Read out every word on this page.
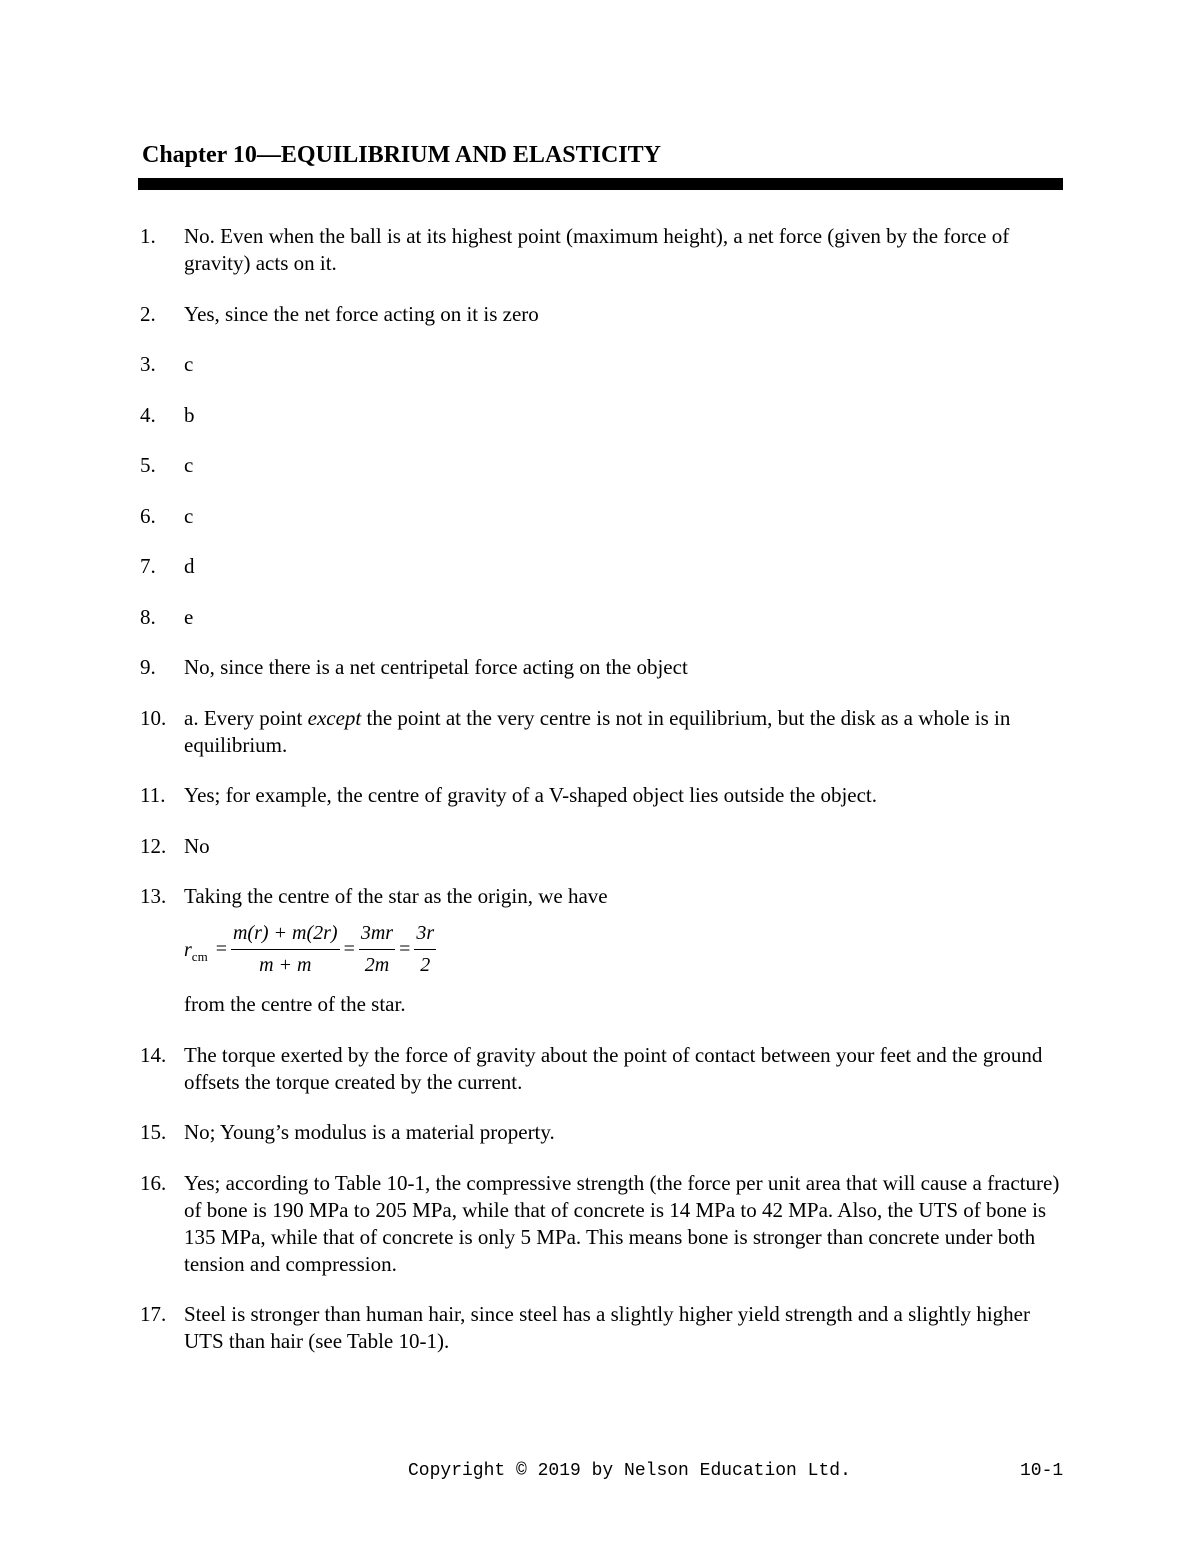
Chapter 10—EQUILIBRIUM AND ELASTICITY
1.	No. Even when the ball is at its highest point (maximum height), a net force (given by the force of gravity) acts on it.
2.	Yes, since the net force acting on it is zero
3.	c
4.	b
5.	c
6.	c
7.	d
8.	e
9.	No, since there is a net centripetal force acting on the object
10. a. Every point except the point at the very centre is not in equilibrium, but the disk as a whole is in equilibrium.
11. Yes; for example, the centre of gravity of a V-shaped object lies outside the object.
12. No
13. Taking the centre of the star as the origin, we have
$r_{cm} = \frac{m(r) + m(2r)}{m + m} = \frac{3mr}{2m} = \frac{3r}{2}$
from the centre of the star.
14. The torque exerted by the force of gravity about the point of contact between your feet and the ground offsets the torque created by the current.
15. No; Young’s modulus is a material property.
16. Yes; according to Table 10-1, the compressive strength (the force per unit area that will cause a fracture) of bone is 190 MPa to 205 MPa, while that of concrete is 14 MPa to 42 MPa. Also, the UTS of bone is 135 MPa, while that of concrete is only 5 MPa. This means bone is stronger than concrete under both tension and compression.
17. Steel is stronger than human hair, since steel has a slightly higher yield strength and a slightly higher UTS than hair (see Table 10-1).
Copyright © 2019 by Nelson Education Ltd.	10-1
